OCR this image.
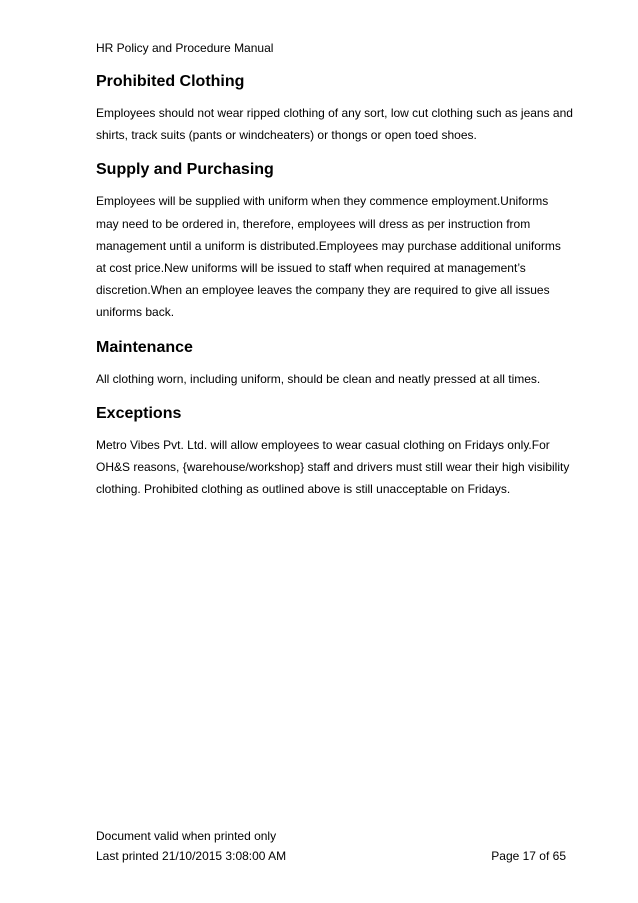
HR Policy and Procedure Manual
Prohibited Clothing
Employees should not wear ripped clothing of any sort, low cut clothing such as jeans and
shirts, track suits (pants or windcheaters) or thongs or open toed shoes.
Supply and Purchasing
Employees will be supplied with uniform when they commence employment.Uniforms
may need to be ordered in, therefore, employees will dress as per instruction from
management until a uniform is distributed.Employees may purchase additional uniforms
at cost price.New uniforms will be issued to staff when required at management’s
discretion.When an employee leaves the company they are required to give all issues
uniforms back.
Maintenance
All clothing worn, including uniform, should be clean and neatly pressed at all times.
Exceptions
Metro Vibes Pvt. Ltd. will allow employees to wear casual clothing on Fridays only.For
OH&S reasons, {warehouse/workshop} staff and drivers must still wear their high visibility
clothing. Prohibited clothing as outlined above is still unacceptable on Fridays.
Document valid when printed only
Last printed 21/10/2015 3:08:00 AM	Page 17 of 65
